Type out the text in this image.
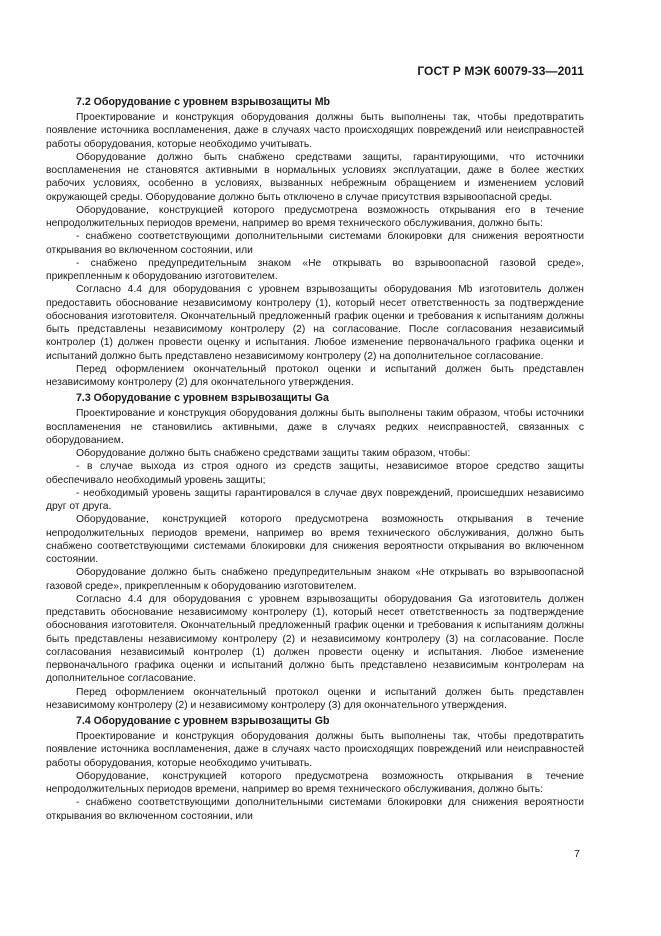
ГОСТ Р МЭК 60079-33—2011
7.2 Оборудование с уровнем взрывозащиты Mb

Проектирование и конструкция оборудования должны быть выполнены так, чтобы предотвратить появление источника воспламенения, даже в случаях часто происходящих повреждений или неисправностей работы оборудования, которые необходимо учитывать.

Оборудование должно быть снабжено средствами защиты, гарантирующими, что источники воспламенения не становятся активными в нормальных условиях эксплуатации, даже в более жестких рабочих условиях, особенно в условиях, вызванных небрежным обращением и изменением условий окружающей среды. Оборудование должно быть отключено в случае присутствия взрывоопасной среды.

Оборудование, конструкцией которого предусмотрена возможность открывания его в течение непродолжительных периодов времени, например во время технического обслуживания, должно быть:

- снабжено соответствующими дополнительными системами блокировки для снижения вероятности открывания во включенном состоянии, или

- снабжено предупредительным знаком «Не открывать во взрывоопасной газовой среде», прикрепленным к оборудованию изготовителем.

Согласно 4.4 для оборудования с уровнем взрывозащиты оборудования Mb изготовитель должен предоставить обоснование независимому контролеру (1), который несет ответственность за подтверждение обоснования изготовителя. Окончательный предложенный график оценки и требования к испытаниям должны быть представлены независимому контролеру (2) на согласование. После согласования независимый контролер (1) должен провести оценку и испытания. Любое изменение первоначального графика оценки и испытаний должно быть представлено независимому контролеру (2) на дополнительное согласование.

Перед оформлением окончательный протокол оценки и испытаний должен быть представлен независимому контролеру (2) для окончательного утверждения.

7.3 Оборудование с уровнем взрывозащиты Ga

Проектирование и конструкция оборудования должны быть выполнены таким образом, чтобы источники воспламенения не становились активными, даже в случаях редких неисправностей, связанных с оборудованием.

Оборудование должно быть снабжено средствами защиты таким образом, чтобы:

- в случае выхода из строя одного из средств защиты, независимое второе средство защиты обеспечивало необходимый уровень защиты;

- необходимый уровень защиты гарантировался в случае двух повреждений, происшедших независимо друг от друга.

Оборудование, конструкцией которого предусмотрена возможность открывания в течение непродолжительных периодов времени, например во время технического обслуживания, должно быть снабжено соответствующими системами блокировки для снижения вероятности открывания во включенном состоянии.

Оборудование должно быть снабжено предупредительным знаком «Не открывать во взрывоопасной газовой среде», прикрепленным к оборудованию изготовителем.

Согласно 4.4 для оборудования с уровнем взрывозащиты оборудования Ga изготовитель должен представить обоснование независимому контролеру (1), который несет ответственность за подтверждение обоснования изготовителя. Окончательный предложенный график оценки и требования к испытаниям должны быть представлены независимому контролеру (2) и независимому контролеру (3) на согласование. После согласования независимый контролер (1) должен провести оценку и испытания. Любое изменение первоначального графика оценки и испытаний должно быть представлено независимым контролерам на дополнительное согласование.

Перед оформлением окончательный протокол оценки и испытаний должен быть представлен независимому контролеру (2) и независимому контролеру (3) для окончательного утверждения.

7.4 Оборудование с уровнем взрывозащиты Gb

Проектирование и конструкция оборудования должны быть выполнены так, чтобы предотвратить появление источника воспламенения, даже в случаях часто происходящих повреждений или неисправностей работы оборудования, которые необходимо учитывать.

Оборудование, конструкцией которого предусмотрена возможность открывания в течение непродолжительных периодов времени, например во время технического обслуживания, должно быть:

- снабжено соответствующими дополнительными системами блокировки для снижения вероятности открывания во включенном состоянии, или

7
